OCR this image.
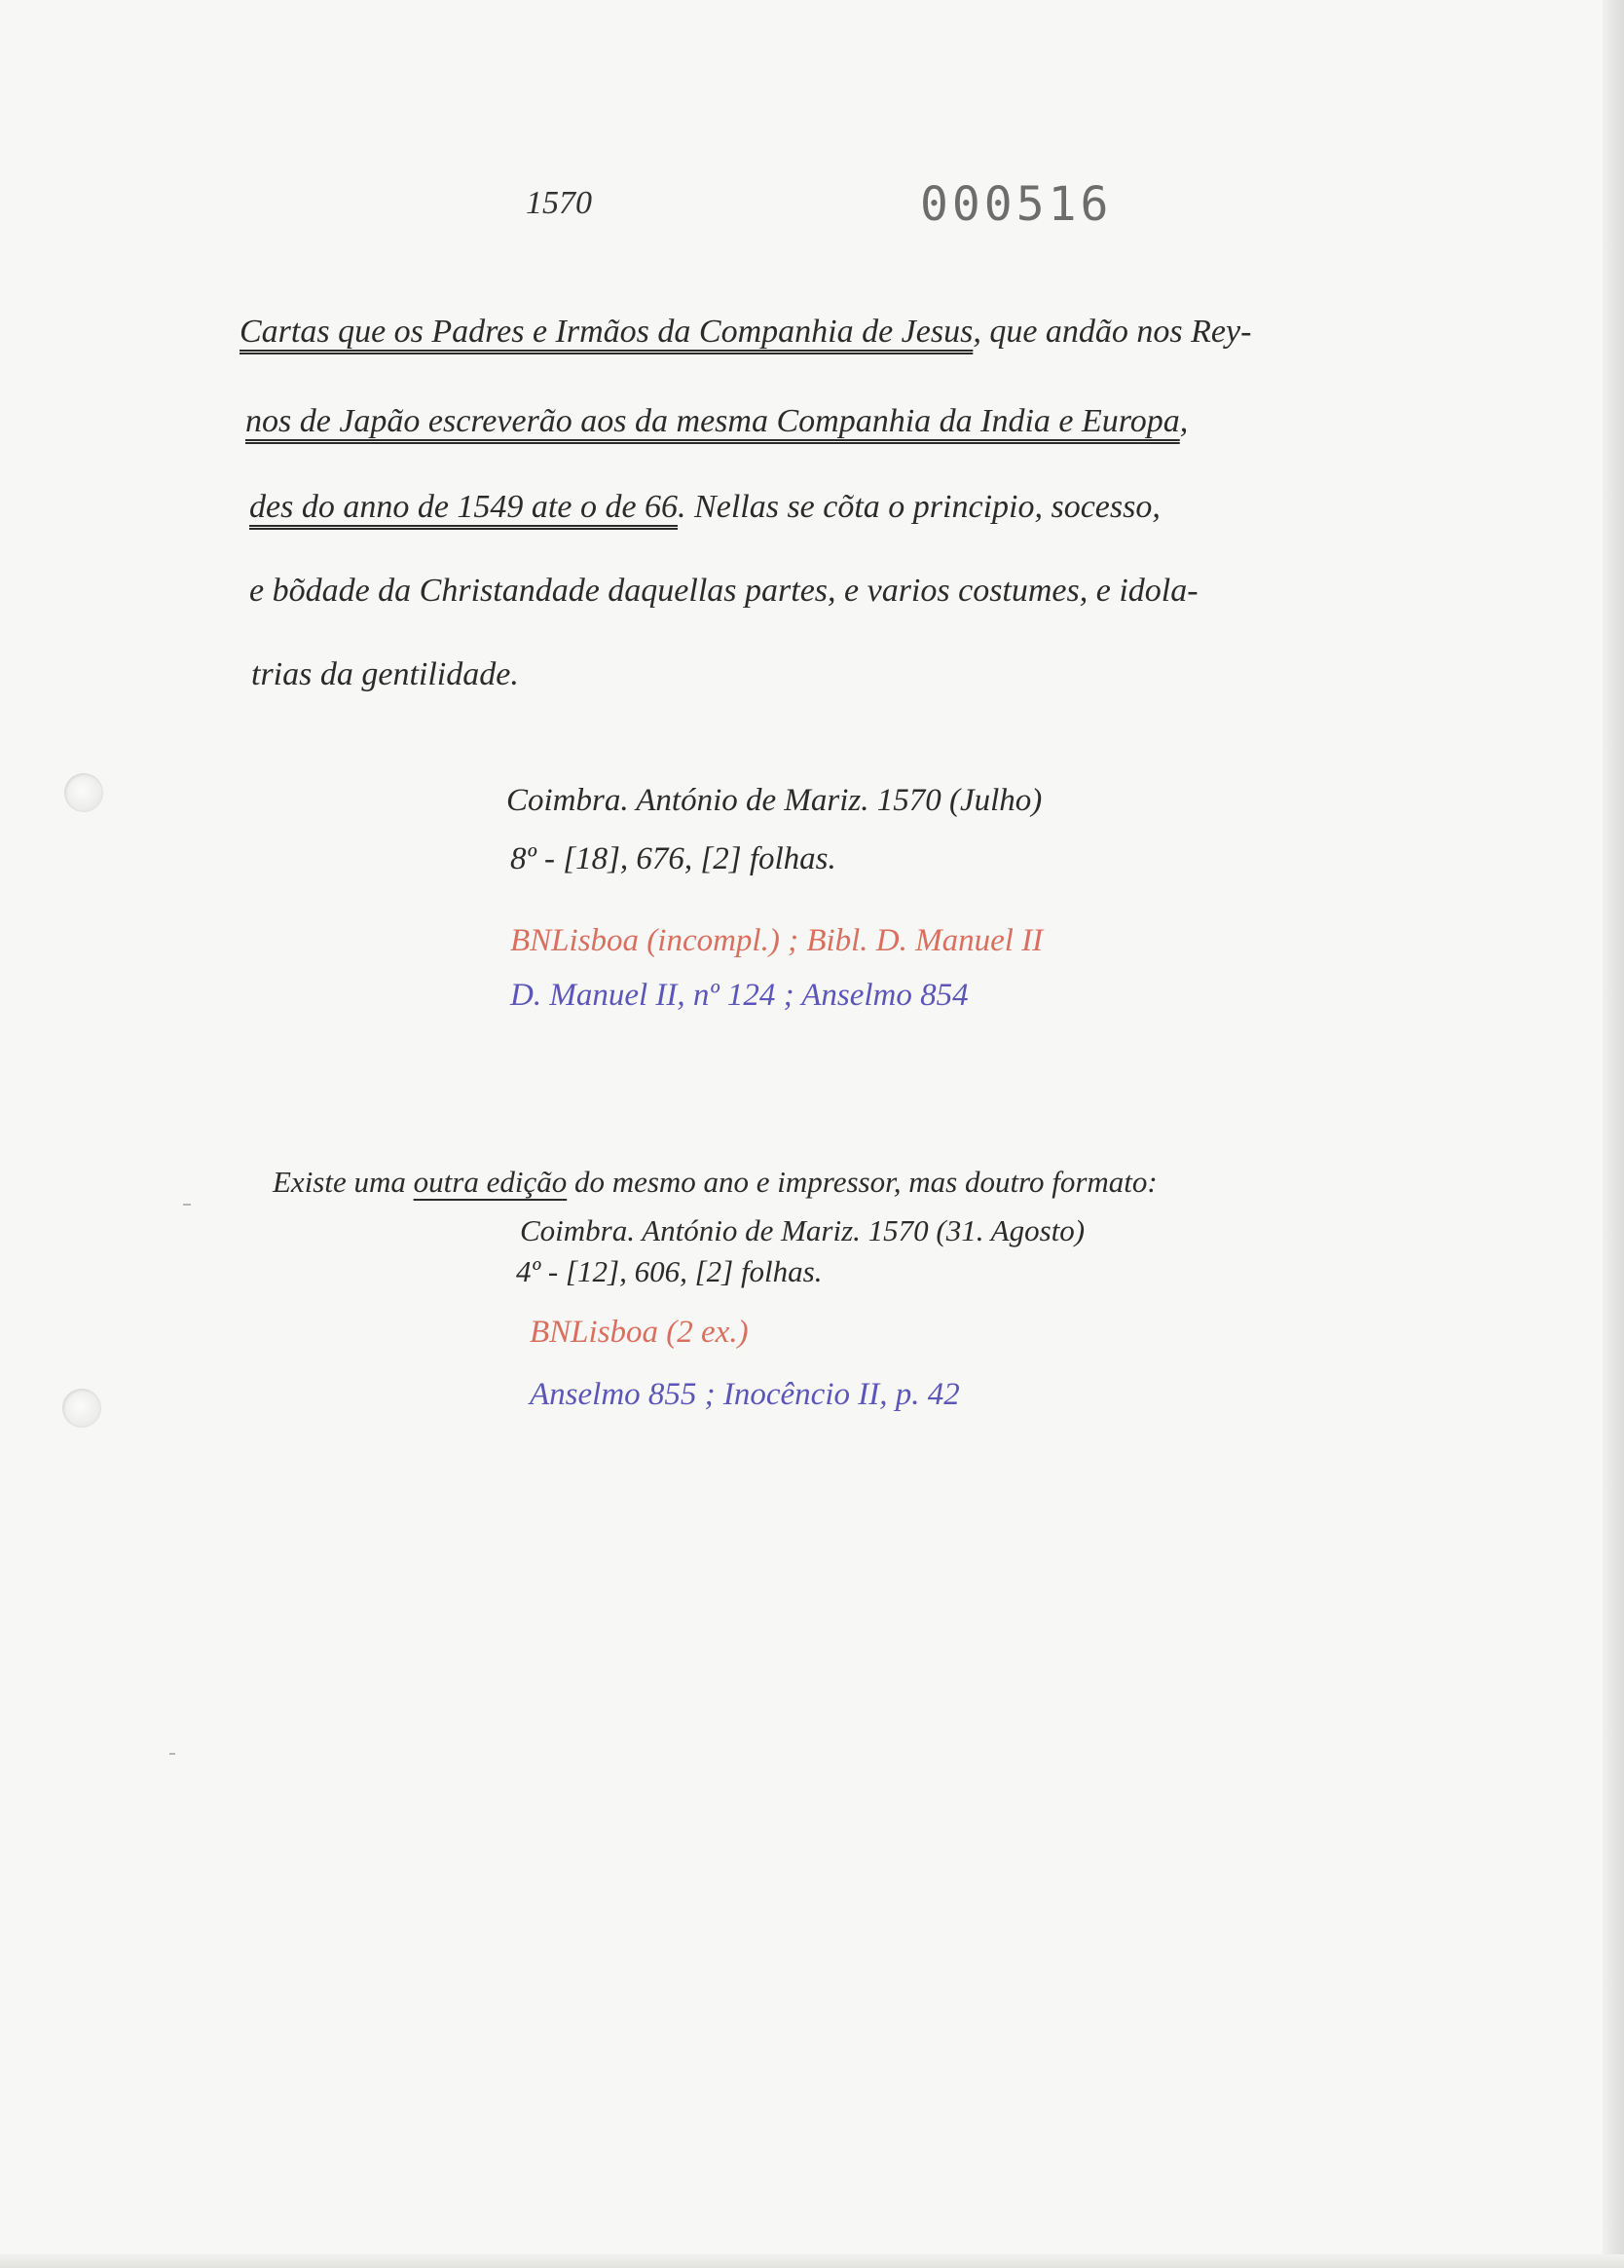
1570	000516
Cartas que os Padres e Irmãos da Companhia de Jesus, que andão nos Rey-
nos de Japão escreverão aos da mesma Companhia da India e Europa,
des do anno de 1549 ate o de 66. Nellas se cõta o principio, socesso,
e bõdade da Christandade daquellas partes, e varios costumes, e idola-
trias da gentilidade.
Coimbra. António de Mariz. 1570 (Julho)
8º - [18], 676, [2] folhas.
BNLisboa (incompl.) ; Bibl. D. Manuel II
D. Manuel II, nº 124 ; Anselmo 854
Existe uma outra edição do mesmo ano e impressor, mas doutro formato:
Coimbra. António de Mariz. 1570 (31. Agosto)
4º - [12], 606, [2] folhas.
BNLisboa (2 ex.)
Anselmo 855 ; Inocêncio II, p. 42
